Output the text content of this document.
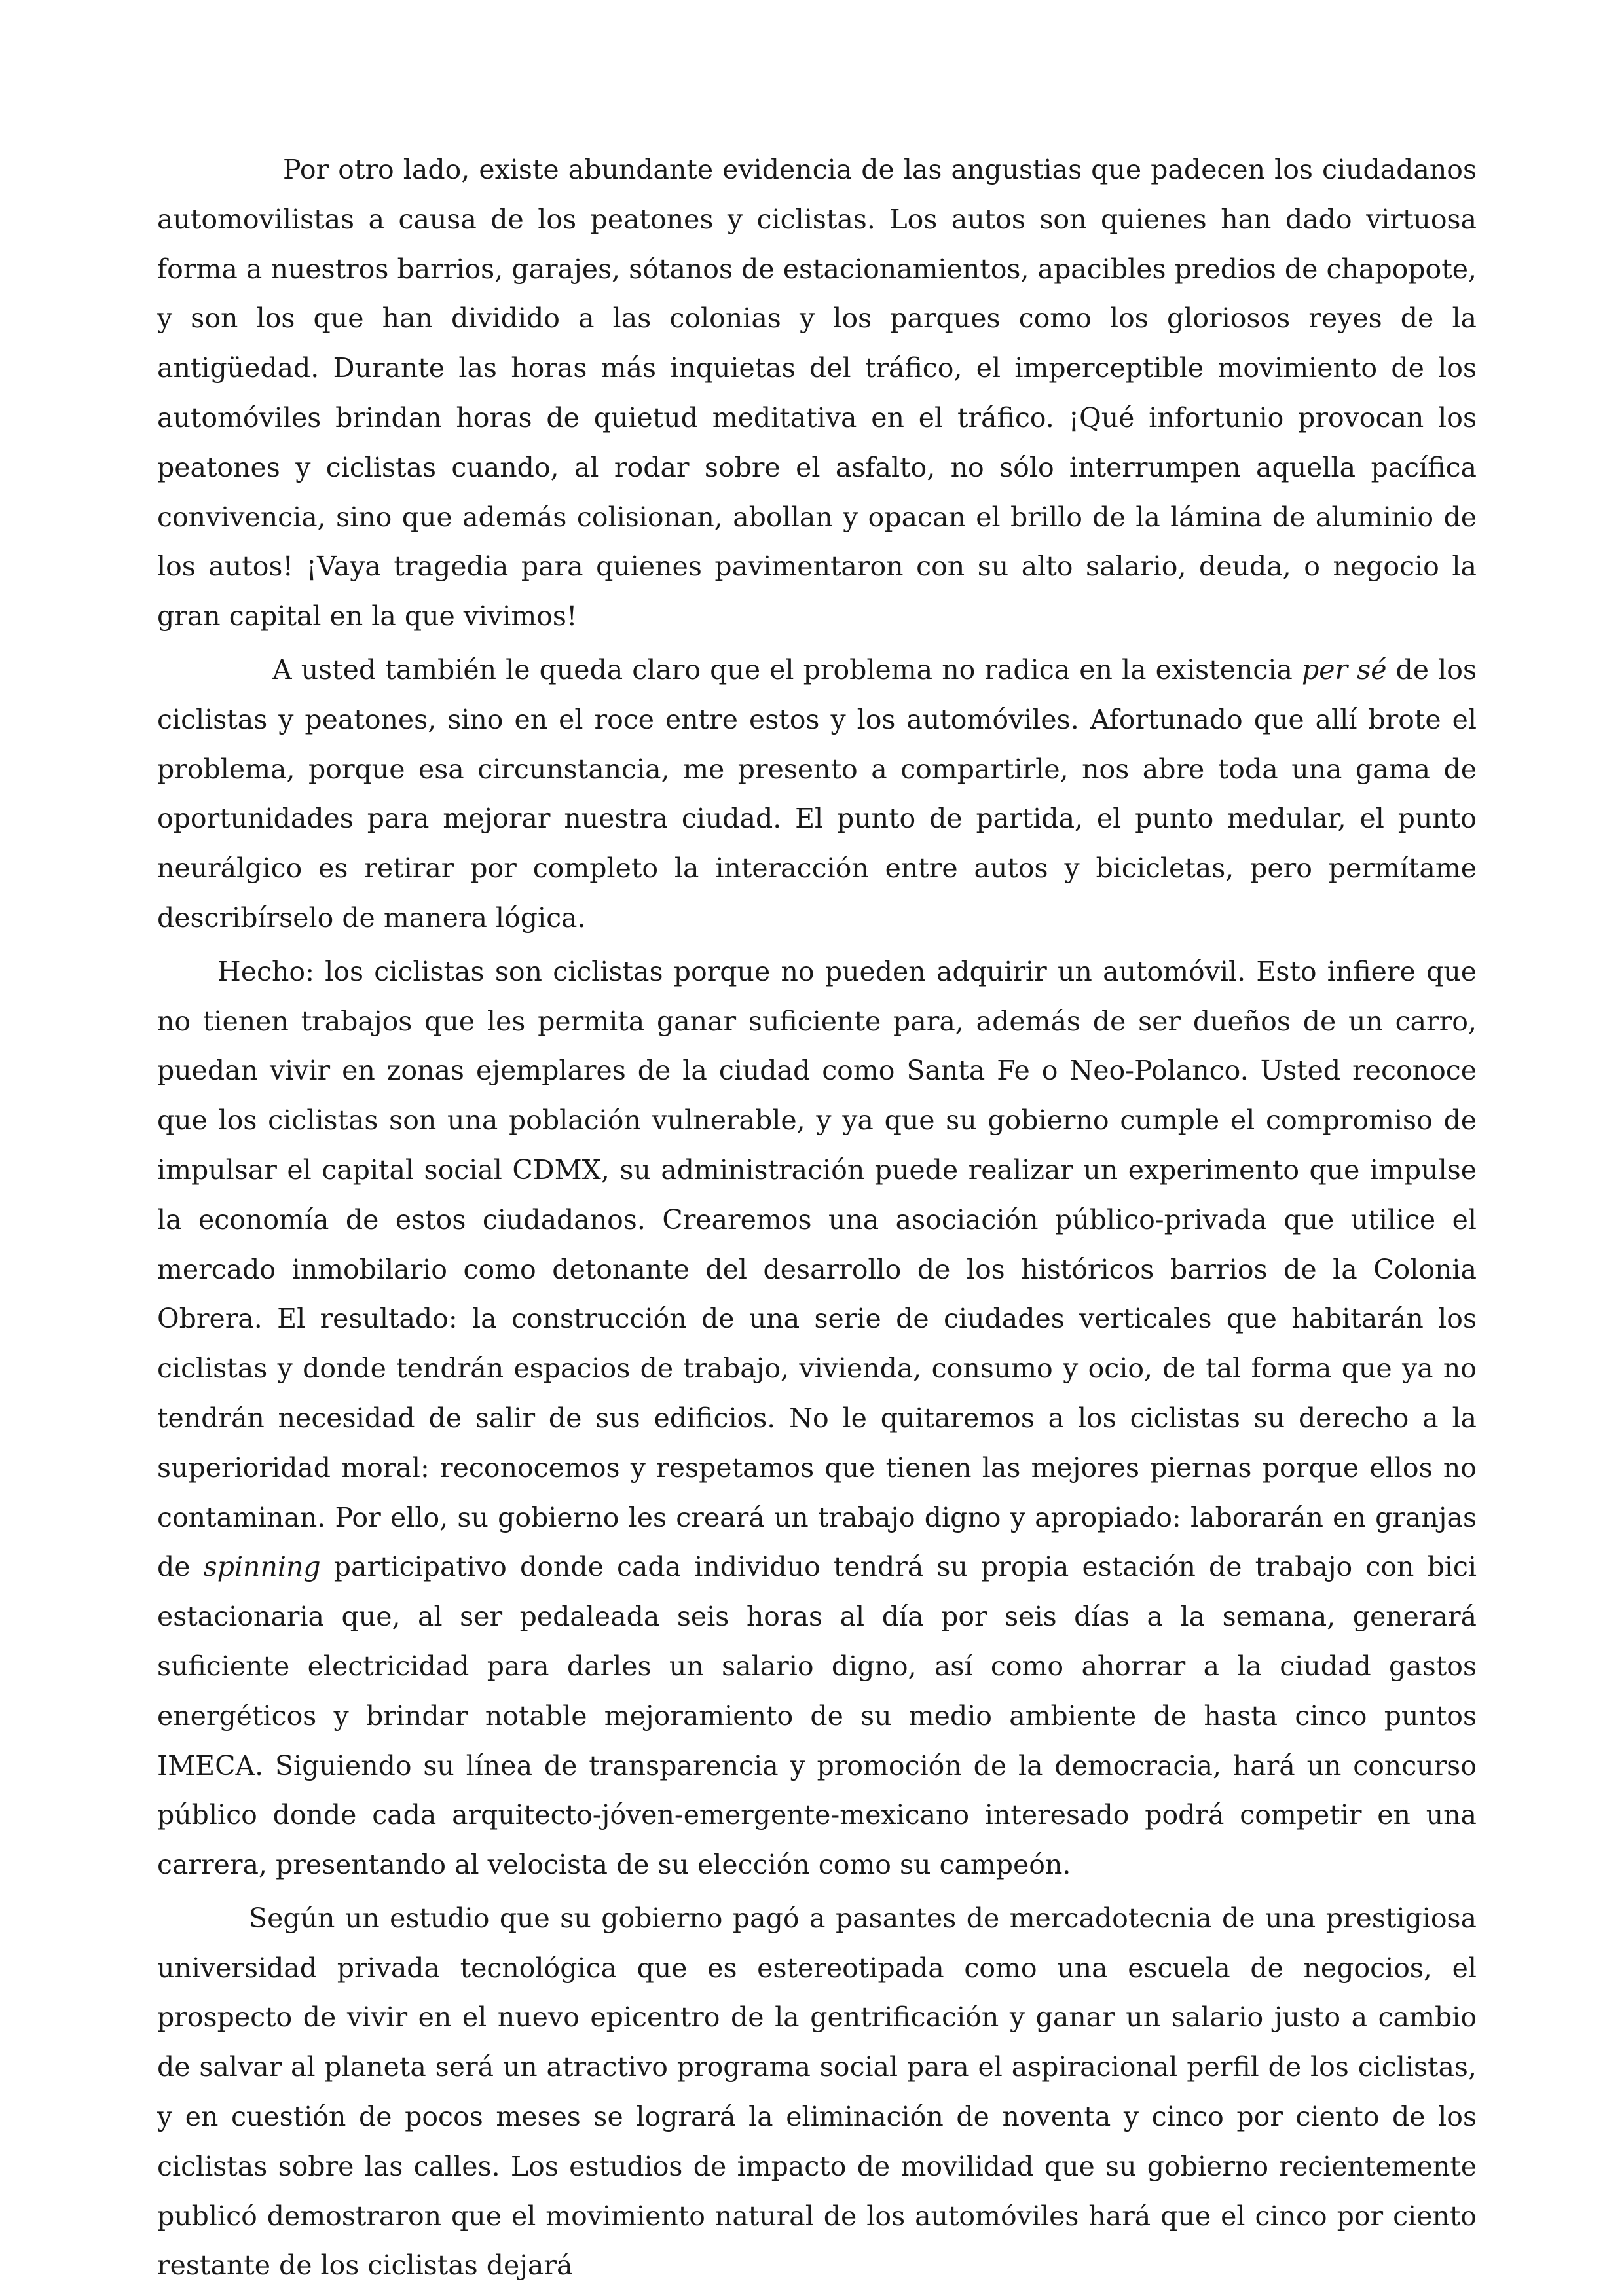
Por otro lado, existe abundante evidencia de las angustias que padecen los ciudadanos automovilistas a causa de los peatones y ciclistas. Los autos son quienes han dado virtuosa forma a nuestros barrios, garajes, sótanos de estacionamientos, apacibles predios de chapopote, y son los que han dividido a las colonias y los parques como los gloriosos reyes de la antigüedad. Durante las horas más inquietas del tráfico, el imperceptible movimiento de los automóviles brindan horas de quietud meditativa en el tráfico. ¡Qué infortunio provocan los peatones y ciclistas cuando, al rodar sobre el asfalto, no sólo interrumpen aquella pacífica convivencia, sino que además colisionan, abollan y opacan el brillo de la lámina de aluminio de los autos! ¡Vaya tragedia para quienes pavimentaron con su alto salario, deuda, o negocio la gran capital en la que vivimos!

A usted también le queda claro que el problema no radica en la existencia per sé de los ciclistas y peatones, sino en el roce entre estos y los automóviles. Afortunado que allí brote el problema, porque esa circunstancia, me presento a compartirle, nos abre toda una gama de oportunidades para mejorar nuestra ciudad. El punto de partida, el punto medular, el punto neurálgico es retirar por completo la interacción entre autos y bicicletas, pero permítame describírselo de manera lógica.

Hecho: los ciclistas son ciclistas porque no pueden adquirir un automóvil. Esto infiere que no tienen trabajos que les permita ganar suficiente para, además de ser dueños de un carro, puedan vivir en zonas ejemplares de la ciudad como Santa Fe o Neo-Polanco. Usted reconoce que los ciclistas son una población vulnerable, y ya que su gobierno cumple el compromiso de impulsar el capital social CDMX, su administración puede realizar un experimento que impulse la economía de estos ciudadanos. Crearemos una asociación público-privada que utilice el mercado inmobilario como detonante del desarrollo de los históricos barrios de la Colonia Obrera. El resultado: la construcción de una serie de ciudades verticales que habitarán los ciclistas y donde tendrán espacios de trabajo, vivienda, consumo y ocio, de tal forma que ya no tendrán necesidad de salir de sus edificios. No le quitaremos a los ciclistas su derecho a la superioridad moral: reconocemos y respetamos que tienen las mejores piernas porque ellos no contaminan. Por ello, su gobierno les creará un trabajo digno y apropiado: laborarán en granjas de spinning participativo donde cada individuo tendrá su propia estación de trabajo con bici estacionaria que, al ser pedaleada seis horas al día por seis días a la semana, generará suficiente electricidad para darles un salario digno, así como ahorrar a la ciudad gastos energéticos y brindar notable mejoramiento de su medio ambiente de hasta cinco puntos IMECA. Siguiendo su línea de transparencia y promoción de la democracia, hará un concurso público donde cada arquitecto-jóven-emergente-mexicano interesado podrá competir en una carrera, presentando al velocista de su elección como su campeón.

Según un estudio que su gobierno pagó a pasantes de mercadotecnia de una prestigiosa universidad privada tecnológica que es estereotipada como una escuela de negocios, el prospecto de vivir en el nuevo epicentro de la gentrificación y ganar un salario justo a cambio de salvar al planeta será un atractivo programa social para el aspiracional perfil de los ciclistas, y en cuestión de pocos meses se logrará la eliminación de noventa y cinco por ciento de los ciclistas sobre las calles. Los estudios de impacto de movilidad que su gobierno recientemente publicó demostraron que el movimiento natural de los automóviles hará que el cinco por ciento restante de los ciclistas dejará
